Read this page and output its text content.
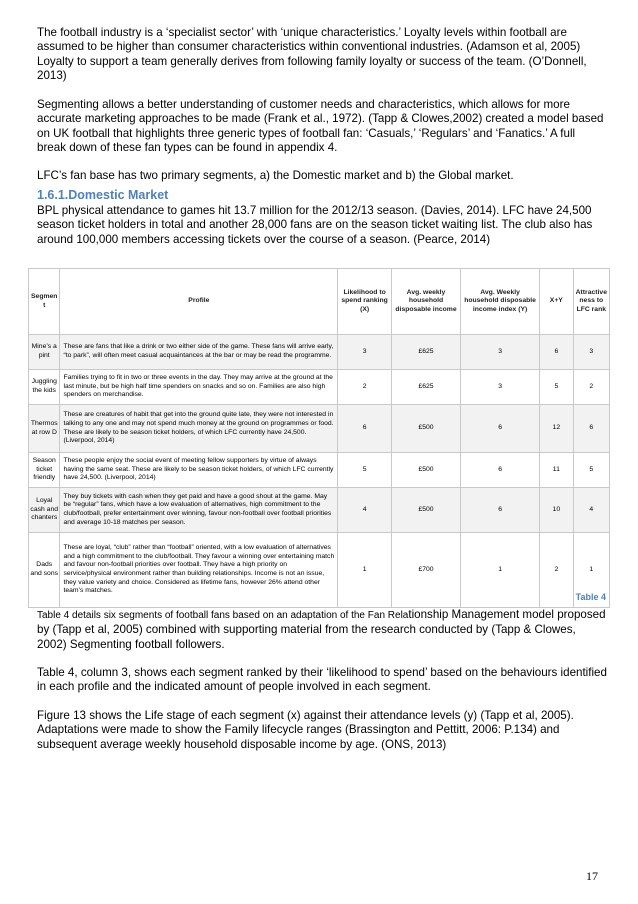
The football industry is a ‘specialist sector’ with ‘unique characteristics.’ Loyalty levels within football are assumed to be higher than consumer characteristics within conventional industries. (Adamson et al, 2005) Loyalty to support a team generally derives from following family loyalty or success of the team. (O’Donnell, 2013)

Segmenting allows a better understanding of customer needs and characteristics, which allows for more accurate marketing approaches to be made (Frank et al., 1972). (Tapp & Clowes,2002) created a model based on UK football that highlights three generic types of football fan: ‘Casuals,’ ‘Regulars’ and ‘Fanatics.’ A full break down of these fan types can be found in appendix 4.

LFC’s fan base has two primary segments, a) the Domestic market and b) the Global market.

1.6.1.Domestic Market

BPL physical attendance to games hit 13.7 million for the 2012/13 season. (Davies, 2014). LFC have 24,500 season ticket holders in total and another 28,000 fans are on the season ticket waiting list. The club also has around 100,000 members accessing tickets over the course of a season. (Pearce, 2014)

Segmen t	Profile	Likelihood to spend ranking (X)	Avg. weekly household disposable income	Avg. Weekly household disposable income index (Y)	X+Y	Attractive ness to LFC rank
Mine’s a pint	These are fans that like a drink or two either side of the game. These fans will arrive early, “to park”, will often meet casual acquaintances at the bar or may be read the programme.	3	£625	3	6	3
Juggling the kids	Families trying to fit in two or three events in the day. They may arrive at the ground at the last minute, but be high half time spenders on snacks and so on. Families are also high spenders on merchandise.	2	£625	3	5	2
Thermos at row D	These are creatures of habit that get into the ground quite late, they were not interested in talking to any one and may not spend much money at the ground on programmes or food. These are likely to be season ticket holders, of which LFC currently have 24,500. (Liverpool, 2014)	6	£500	6	12	6
Season ticket friendly	These people enjoy the social event of meeting fellow supporters by virtue of always having the same seat. These are likely to be season ticket holders, of which LFC currently have 24,500. (Liverpool, 2014)	5	£500	6	11	5
Loyal cash and chanters	They buy tickets with cash when they get paid and have a good shout at the game. May be “regular” fans, which have a low evaluation of alternatives, high commitment to the club/football, prefer entertainment over winning, favour non-football over football priorities and average 10-18 matches per season.	4	£500	6	10	4
Dads and sons	These are loyal, “club” rather than “football” oriented, with a low evaluation of alternatives and a high commitment to the club/football. They favour a winning over entertaining match and favour non-football priorities over football. They have a high priority on service/physical environment rather than building relationships. Income is not an issue, they value variety and choice. Considered as lifetime fans, however 26% attend other team’s matches.	1	£700	1	2	1
Table 4

Table 4 details six segments of football fans based on an adaptation of the Fan Relationship Management model proposed by (Tapp et al, 2005) combined with supporting material from the research conducted by (Tapp & Clowes, 2002) Segmenting football followers.

Table 4, column 3, shows each segment ranked by their ‘likelihood to spend’ based on the behaviours identified in each profile and the indicated amount of people involved in each segment.

Figure 13 shows the Life stage of each segment (x) against their attendance levels (y) (Tapp et al, 2005). Adaptations were made to show the Family lifecycle ranges (Brassington and Pettitt, 2006: P.134) and subsequent average weekly household disposable income by age. (ONS, 2013)

17
